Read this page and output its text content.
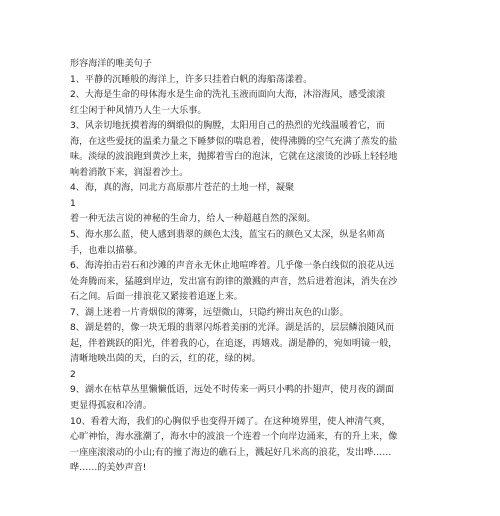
形容海洋的唯美句子
1、平静的沉睡般的海洋上，许多只挂着白帆的海船荡漾着。
2、大海是生命的母体海水是生命的洗礼玉液而面向大海，沐浴海风，感受滚滚
红尘闲于种风情乃人生一大乐事。
3、风亲切地抚摸着海的绸缎似的胸膛，太阳用自己的热烈的光线温暖着它，而
海，在这些爱抚的温柔力量之下睡梦似的喘息着，使得沸腾的空气充满了蒸发的盐
味。淡绿的波浪跑到黄沙上来，抛掷着雪白的泡沫，它就在这滚烫的沙砾上轻轻地
响着消散下来，润湿着沙土。
4、海，真的海，同北方高原那片苍茫的土地一样，凝聚
1
着一种无法言说的神秘的生命力，给人一种超越自然的深刻。
5、海水那么蓝，使人感到翡翠的颜色太浅，蓝宝石的颜色又太深，纵是名师高
手，也难以描摹。
6、海涛拍击岩石和沙滩的声音永无休止地喧哗着。几乎像一条白线似的浪花从远
处奔腾而来，猛越到岸边，发出富有韵律的激溅的声音，然后进着泡沫，消失在沙
石之间。后面一排浪花又紧接着追逐上来。
7、湖上迷着一片青烟似的薄雾，远望微山，只隐约辨出灰色的山影。
8、湖是碧的，像一块无瑕的翡翠闪烁着美丽的光泽。湖是活的，层层鳞浪随风而
起，伴着跳跃的阳光，伴着我的心，在追逐，再嬉戏。湖是静的，宛如明镜一般，
清晰地映出茵的天，白的云，红的花，绿的树。
2
9、湖水在枯草丛里懒懒低语，远处不时传来一两只小鸭的扑翅声，使月夜的湖面
更显得孤寂和冷清。
10、看着大海，我们的心胸似乎也变得开阔了。在这种境界里，使人神清气爽，
心旷神怡，海水涨潮了，海水中的波浪一个连着一个向岸边涌来，有的升上来，像
一座座滚滚动的小山;有的撞了海边的礁石上，溅起好几米高的浪花，发出哗……
哗……的美妙声音!
